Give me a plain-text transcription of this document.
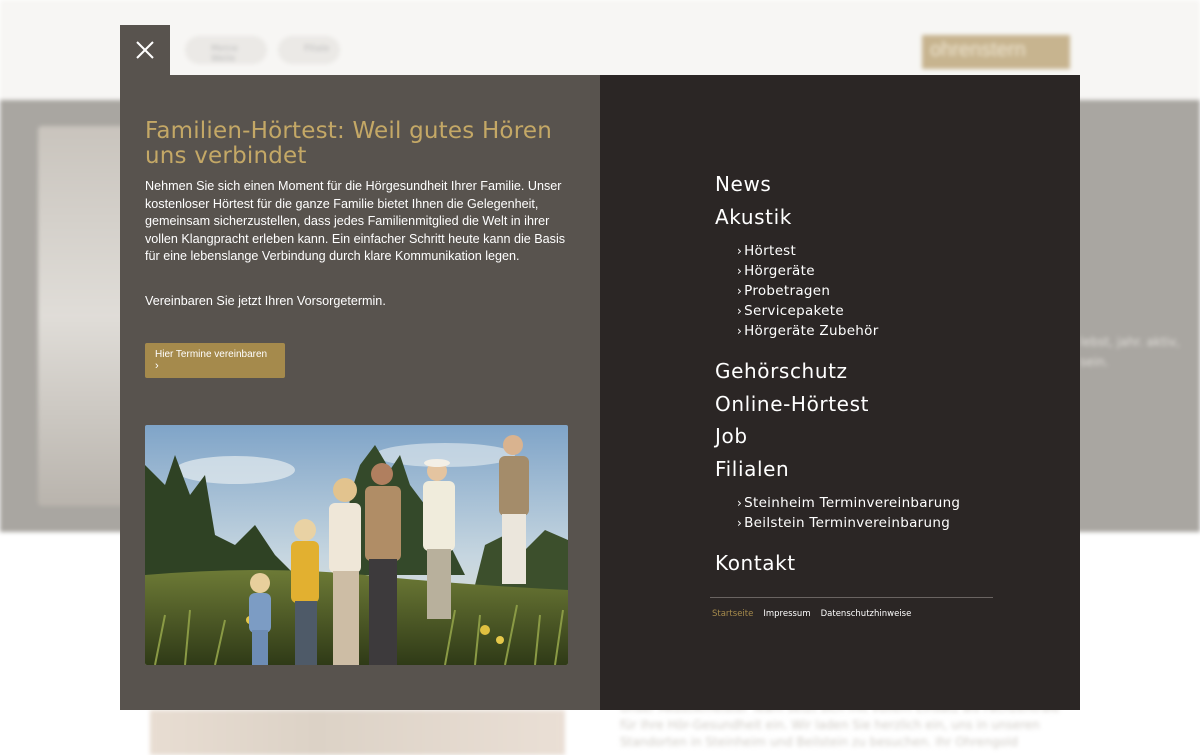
Meine Weile
Filiale	ohrenstern
lebst, jahr. aktiv, sein.
für Ihre Hör-Gesundheit ein. Wir laden Sie herzlich ein, uns in unseren Standorten in Steinheim und Beilstein zu besuchen. Ihr Ohrengold
Familien-Hörtest: Weil gutes Hören uns verbindet

Nehmen Sie sich einen Moment für die Hörgesundheit Ihrer Familie. Unser kostenloser Hörtest für die ganze Familie bietet Ihnen die Gelegenheit, gemeinsam sicherzustellen, dass jedes Familienmitglied die Welt in ihrer vollen Klangpracht erleben kann. Ein einfacher Schritt heute kann die Basis für eine lebenslange Verbindung durch klare Kommunikation legen.

Vereinbaren Sie jetzt Ihren Vorsorgetermin.

Hier Termine vereinbaren
›
News
Akustik
› Hörtest
› Hörgeräte
› Probetragen
› Servicepakete
› Hörgeräte Zubehör
Gehörschutz
Online-Hörtest
Job
Filialen
› Steinheim Terminvereinbarung
› Beilstein Terminvereinbarung
Kontakt
Startseite Impressum Datenschutzhinweise
